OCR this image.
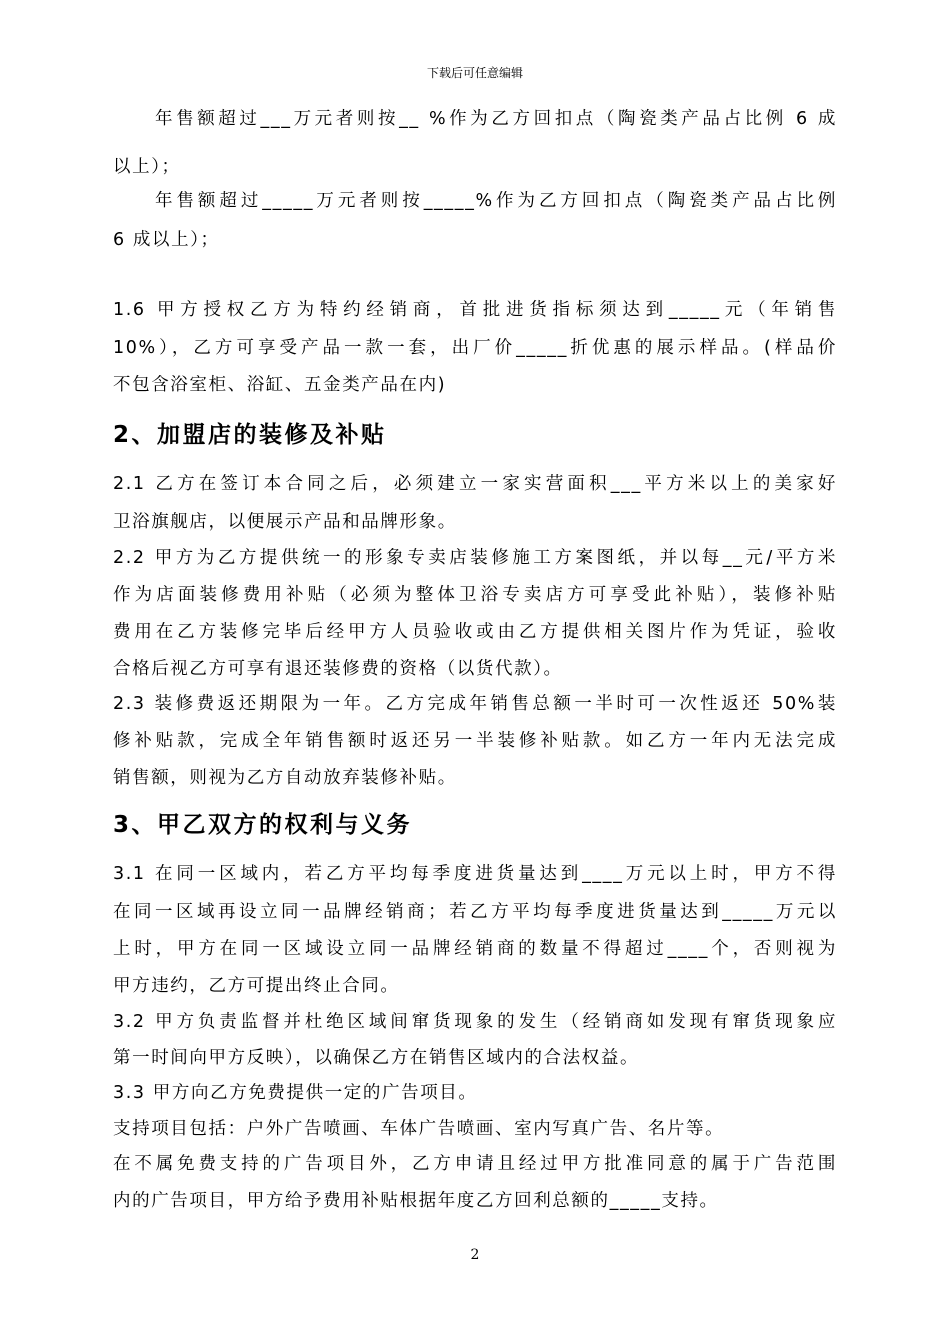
下载后可任意编辑
年售额超过___万元者则按__ %作为乙方回扣点（陶瓷类产品占比例 6 成
以上）；
年售额超过_____万元者则按_____%作为乙方回扣点（陶瓷类产品占比例
6 成以上）；
1.6 甲方授权乙方为特约经销商，首批进货指标须达到_____元（年销售
10%），乙方可享受产品一款一套，出厂价_____折优惠的展示样品。(样品价
不包含浴室柜、浴缸、五金类产品在内)
2、加盟店的装修及补贴
2.1 乙方在签订本合同之后，必须建立一家实营面积___平方米以上的美家好
卫浴旗舰店，以便展示产品和品牌形象。
2.2 甲方为乙方提供统一的形象专卖店装修施工方案图纸，并以每__元/平方米
作为店面装修费用补贴（必须为整体卫浴专卖店方可享受此补贴），装修补贴
费用在乙方装修完毕后经甲方人员验收或由乙方提供相关图片作为凭证，验收
合格后视乙方可享有退还装修费的资格（以货代款）。
2.3 装修费返还期限为一年。乙方完成年销售总额一半时可一次性返还 50%装
修补贴款，完成全年销售额时返还另一半装修补贴款。如乙方一年内无法完成
销售额，则视为乙方自动放弃装修补贴。
3、甲乙双方的权利与义务
3.1 在同一区域内，若乙方平均每季度进货量达到____万元以上时，甲方不得
在同一区域再设立同一品牌经销商；若乙方平均每季度进货量达到_____万元以
上时，甲方在同一区域设立同一品牌经销商的数量不得超过____个，否则视为
甲方违约，乙方可提出终止合同。
3.2 甲方负责监督并杜绝区域间窜货现象的发生（经销商如发现有窜货现象应
第一时间向甲方反映），以确保乙方在销售区域内的合法权益。
3.3 甲方向乙方免费提供一定的广告项目。
支持项目包括：户外广告喷画、车体广告喷画、室内写真广告、名片等。
在不属免费支持的广告项目外，乙方申请且经过甲方批准同意的属于广告范围
内的广告项目，甲方给予费用补贴根据年度乙方回利总额的_____支持。
2
